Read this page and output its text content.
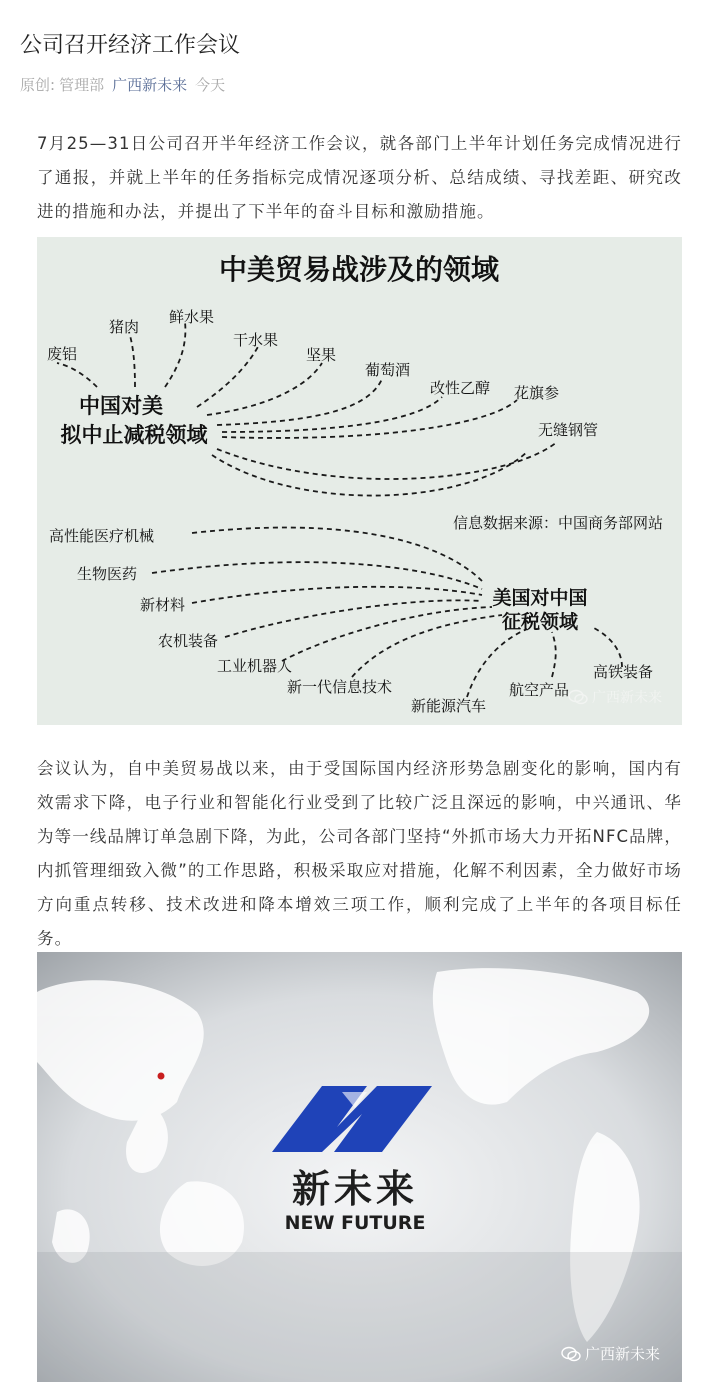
公司召开经济工作会议
原创: 管理部 广西新未来 今天

7月25—31日公司召开半年经济工作会议，就各部门上半年计划任务完成情况进行了通报，并就上半年的任务指标完成情况逐项分析、总结成绩、寻找差距、研究改进的措施和办法，并提出了下半年的奋斗目标和激励措施。

中美贸易战涉及的领域
中国对美
拟中止减税领域
废铝
猪肉
鲜水果
干水果
坚果
葡萄酒
改性乙醇 花旗参
无缝钢管
信息数据来源：中国商务部网站
美国对中国
征税领域
高性能医疗机械
生物医药
新材料
农机装备
工业机器人
新一代信息技术
新能源汽车
航空产品
高铁装备
广西新未来

会议认为，自中美贸易战以来，由于受国际国内经济形势急剧变化的影响，国内有效需求下降，电子行业和智能化行业受到了比较广泛且深远的影响，中兴通讯、华为等一线品牌订单急剧下降，为此，公司各部门坚持“外抓市场大力开拓NFC品牌，内抓管理细致入微”的工作思路，积极采取应对措施，化解不利因素，全力做好市场方向重点转移、技术改进和降本增效三项工作，顺利完成了上半年的各项目标任务。

新未来
NEW FUTURE
广西新未来
